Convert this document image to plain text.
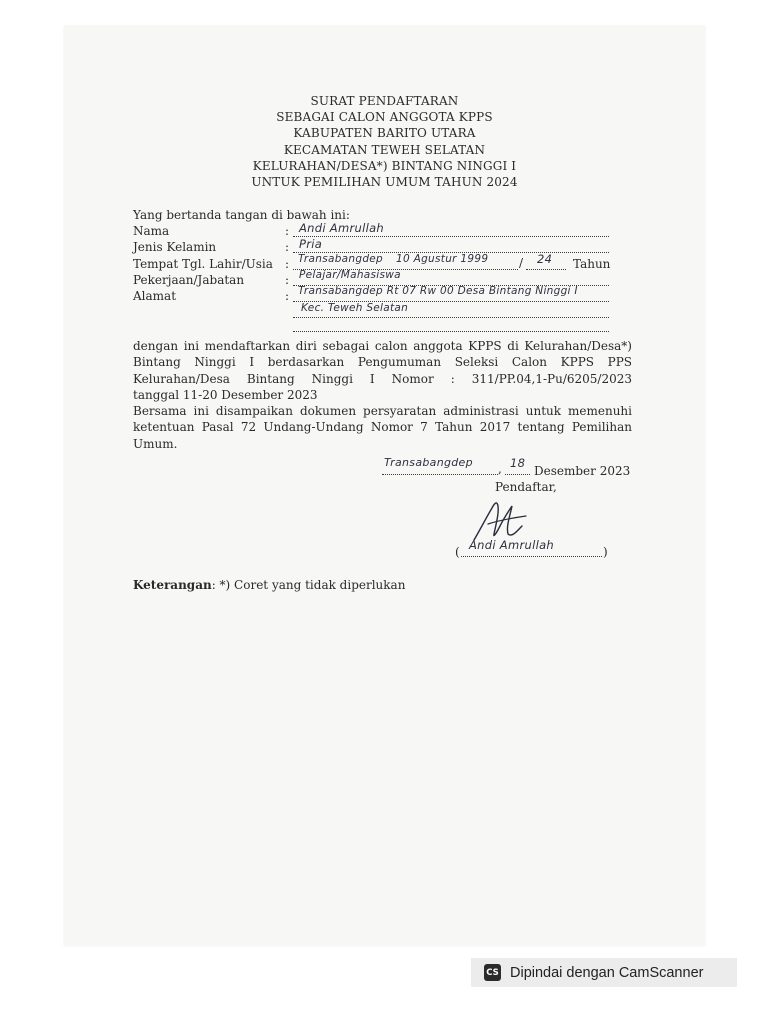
SURAT PENDAFTARAN
SEBAGAI CALON ANGGOTA KPPS
KABUPATEN BARITO UTARA
KECAMATAN TEWEH SELATAN
KELURAHAN/DESA*) BINTANG NINGGI I
UNTUK PEMILIHAN UMUM TAHUN 2024
Yang bertanda tangan di bawah ini:
Nama	: Andi Amrullah
Jenis Kelamin	: Pria
Tempat Tgl. Lahir/Usia : Transabangdep 10 Agustur 1999	/ 24 Tahun
Pekerjaan/Jabatan	: Pelajar/Mahasiswa
Alamat	: Transabangdep Rt 07 Rw 00 Desa Bintang Ninggi I
Kec. Teweh Selatan
dengan ini mendaftarkan diri sebagai calon anggota KPPS di Kelurahan/Desa*)
Bintang Ninggi I berdasarkan Pengumuman Seleksi Calon KPPS PPS
Kelurahan/Desa Bintang Ninggi I Nomor : 311/PP.04,1-Pu/6205/2023
tanggal 11-20 Desember 2023
Bersama ini disampaikan dokumen persyaratan administrasi untuk memenuhi
ketentuan Pasal 72 Undang-Undang Nomor 7 Tahun 2017 tentang Pemilihan
Umum.
Transabangdep , 18
Desember 2023
Pendaftar,
( Andi Amrullah	)
Keterangan: *) Coret yang tidak diperlukan
CS Dipindai dengan CamScanner
